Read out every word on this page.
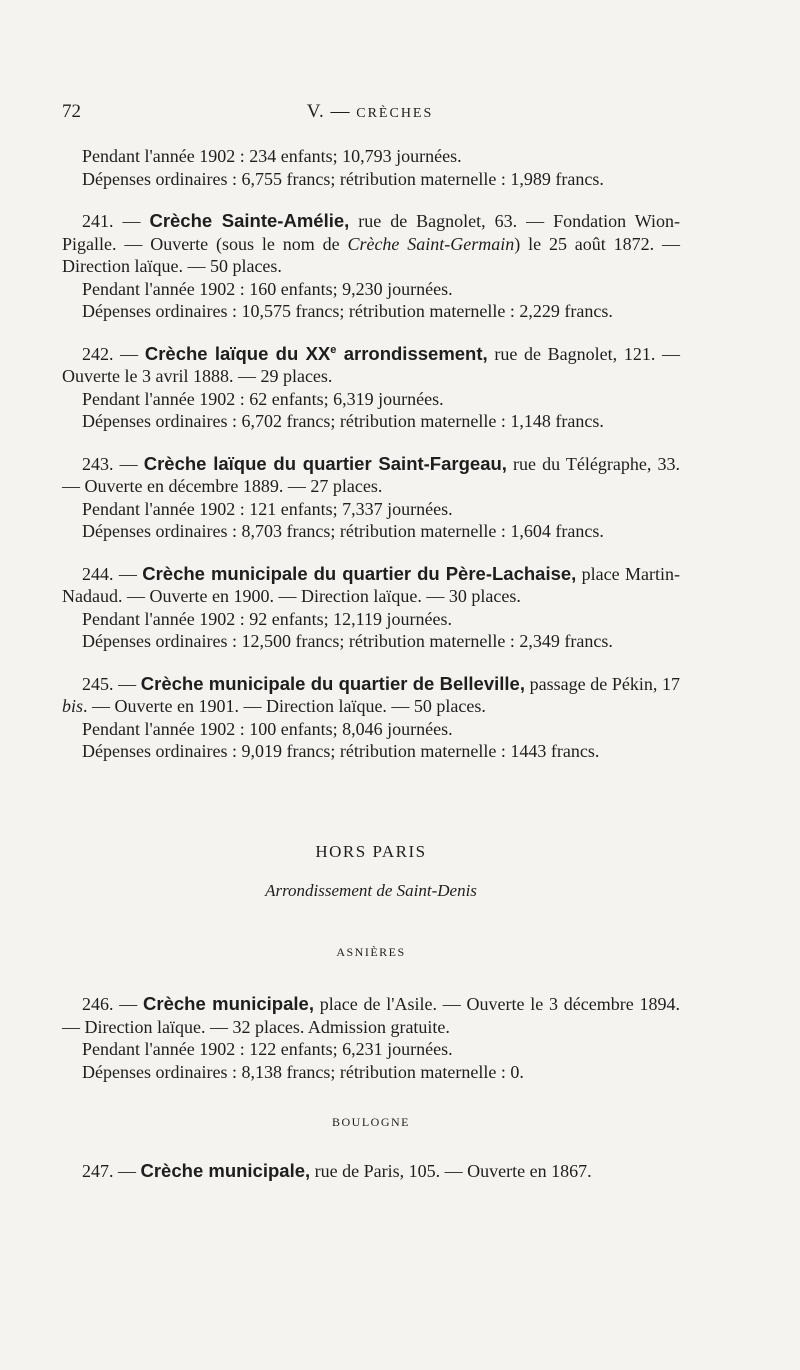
72	V. — CRÈCHES

Pendant l'année 1902 : 234 enfants; 10,793 journées.

Dépenses ordinaires : 6,755 francs; rétribution maternelle : 1,989 francs.

241. — Crèche Sainte-Amélie, rue de Bagnolet, 63. — Fondation Wion-Pigalle. — Ouverte (sous le nom de Crèche Saint-Germain) le 25 août 1872. — Direction laïque. — 50 places.

Pendant l'année 1902 : 160 enfants; 9,230 journées.

Dépenses ordinaires : 10,575 francs; rétribution maternelle : 2,229 francs.

242. — Crèche laïque du XXe arrondissement, rue de Bagnolet, 121. — Ouverte le 3 avril 1888. — 29 places.

Pendant l'année 1902 : 62 enfants; 6,319 journées.

Dépenses ordinaires : 6,702 francs; rétribution maternelle : 1,148 francs.

243. — Crèche laïque du quartier Saint-Fargeau, rue du Télégraphe, 33. — Ouverte en décembre 1889. — 27 places.

Pendant l'année 1902 : 121 enfants; 7,337 journées.

Dépenses ordinaires : 8,703 francs; rétribution maternelle : 1,604 francs.

244. — Crèche municipale du quartier du Père-Lachaise, place Martin-Nadaud. — Ouverte en 1900. — Direction laïque. — 30 places.

Pendant l'année 1902 : 92 enfants; 12,119 journées.

Dépenses ordinaires : 12,500 francs; rétribution maternelle : 2,349 francs.

245. — Crèche municipale du quartier de Belleville, passage de Pékin, 17 bis. — Ouverte en 1901. — Direction laïque. — 50 places.

Pendant l'année 1902 : 100 enfants; 8,046 journées.

Dépenses ordinaires : 9,019 francs; rétribution maternelle : 1443 francs.

HORS PARIS
Arrondissement de Saint-Denis
ASNIÈRES

246. — Crèche municipale, place de l'Asile. — Ouverte le 3 décembre 1894. — Direction laïque. — 32 places. Admission gratuite.

Pendant l'année 1902 : 122 enfants; 6,231 journées.

Dépenses ordinaires : 8,138 francs; rétribution maternelle : 0.

BOULOGNE

247. — Crèche municipale, rue de Paris, 105. — Ouverte en 1867.
